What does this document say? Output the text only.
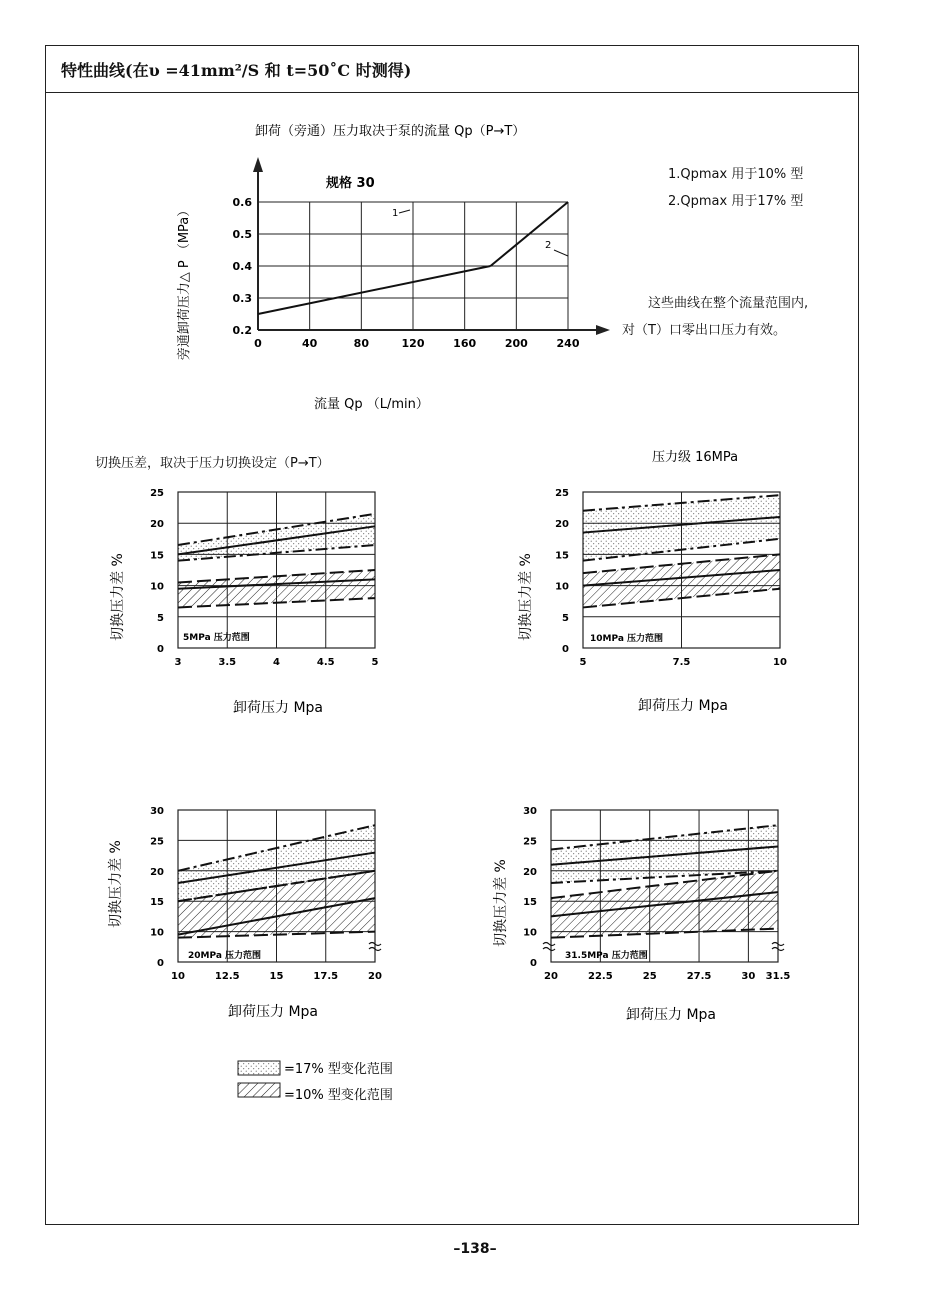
特性曲线(在υ =41mm²/S 和 t=50˚C 时测得)
1.Qpmax 用于10% 型
2.Qpmax 用于17% 型
这些曲线在整个流量范围内,
对（T）口零出口压力有效。
切换压差，取决于压力切换设定（P→T）
=17% 型变化范围
=10% 型变化范围
0	40	80	120	160	200	240
0.2
0.3
0.4
0.5
0.6
1
2
卸荷（旁通）压力取决于泵的流量 Qp（P→T）
规格 30
流量 Qp （L/min）
旁通卸荷压力△ P （MPa）
3	3.5	4	4.5	5
0
5
10
15
20
25
5MPa 压力范围
卸荷压力 Mpa
切换压力差 %
5	7.5	10
0
5
10
15
20
25
10MPa 压力范围
卸荷压力 Mpa
切换压力差 %
压力级 16MPa
10	12.5	15	17.5	20
0
10
15
20
25
30
20MPa 压力范围
卸荷压力 Mpa
切换压力差 %
20	22.5	25	27.5	30 31.5
0
10
15
20
25
30
31.5MPa 压力范围
卸荷压力 Mpa
切换压力差 %
–138–
